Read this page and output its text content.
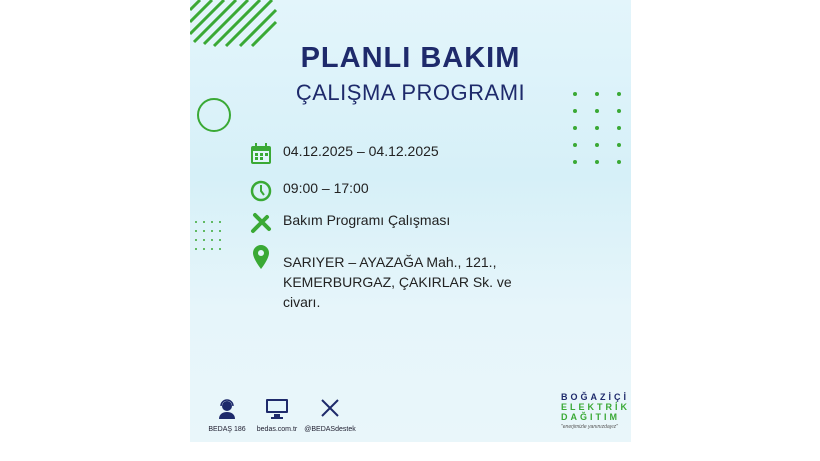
PLANLI BAKIM
ÇALIŞMA PROGRAMI
04.12.2025 – 04.12.2025
09:00 – 17:00
Bakım Programı Çalışması
SARIYER – AYAZAĞA Mah., 121.,
KEMERBURGAZ, ÇAKIRLAR Sk. ve
civarı.
BEDAŞ 186	bedas.com.tr	@BEDASdestek
BOĞAZİÇİ
ELEKTRİK
DAĞITIM
"enerjimizle yanınızdayız"
